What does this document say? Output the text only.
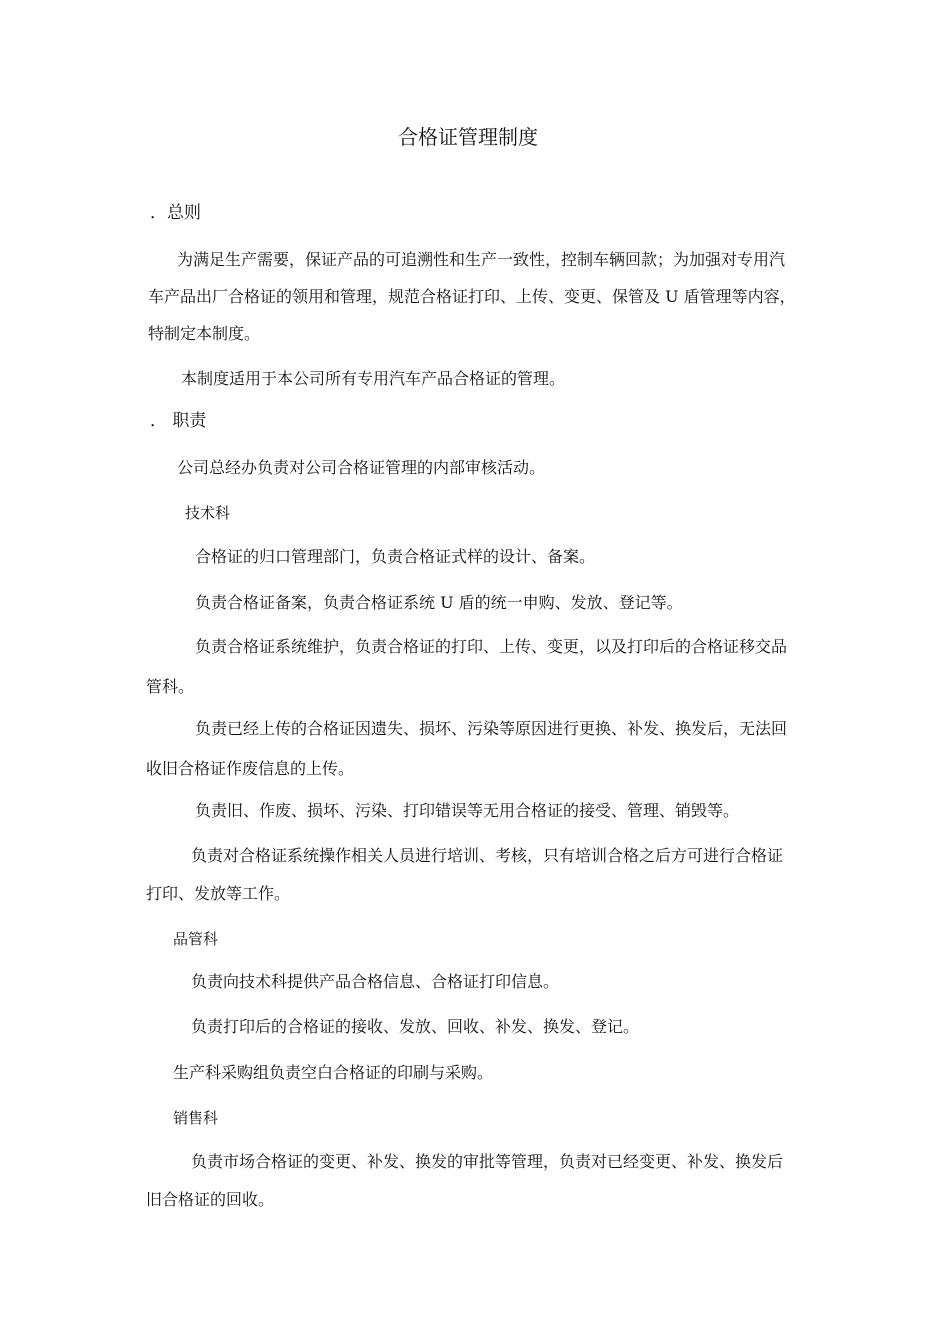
合格证管理制度
．总则
为满足生产需要，保证产品的可追溯性和生产一致性，控制车辆回款；为加强对专用汽
车产品出厂合格证的领用和管理，规范合格证打印、上传、变更、保管及 U 盾管理等内容，
特制定本制度。
本制度适用于本公司所有专用汽车产品合格证的管理。
． 职责
公司总经办负责对公司合格证管理的内部审核活动。
技术科
合格证的归口管理部门，负责合格证式样的设计、备案。
负责合格证备案，负责合格证系统 U 盾的统一申购、发放、登记等。
负责合格证系统维护，负责合格证的打印、上传、变更，以及打印后的合格证移交品
管科。
负责已经上传的合格证因遗失、损坏、污染等原因进行更换、补发、换发后，无法回
收旧合格证作废信息的上传。
负责旧、作废、损坏、污染、打印错误等无用合格证的接受、管理、销毁等。
负责对合格证系统操作相关人员进行培训、考核，只有培训合格之后方可进行合格证
打印、发放等工作。
品管科
负责向技术科提供产品合格信息、合格证打印信息。
负责打印后的合格证的接收、发放、回收、补发、换发、登记。
生产科采购组负责空白合格证的印刷与采购。
销售科
负责市场合格证的变更、补发、换发的审批等管理，负责对已经变更、补发、换发后
旧合格证的回收。
